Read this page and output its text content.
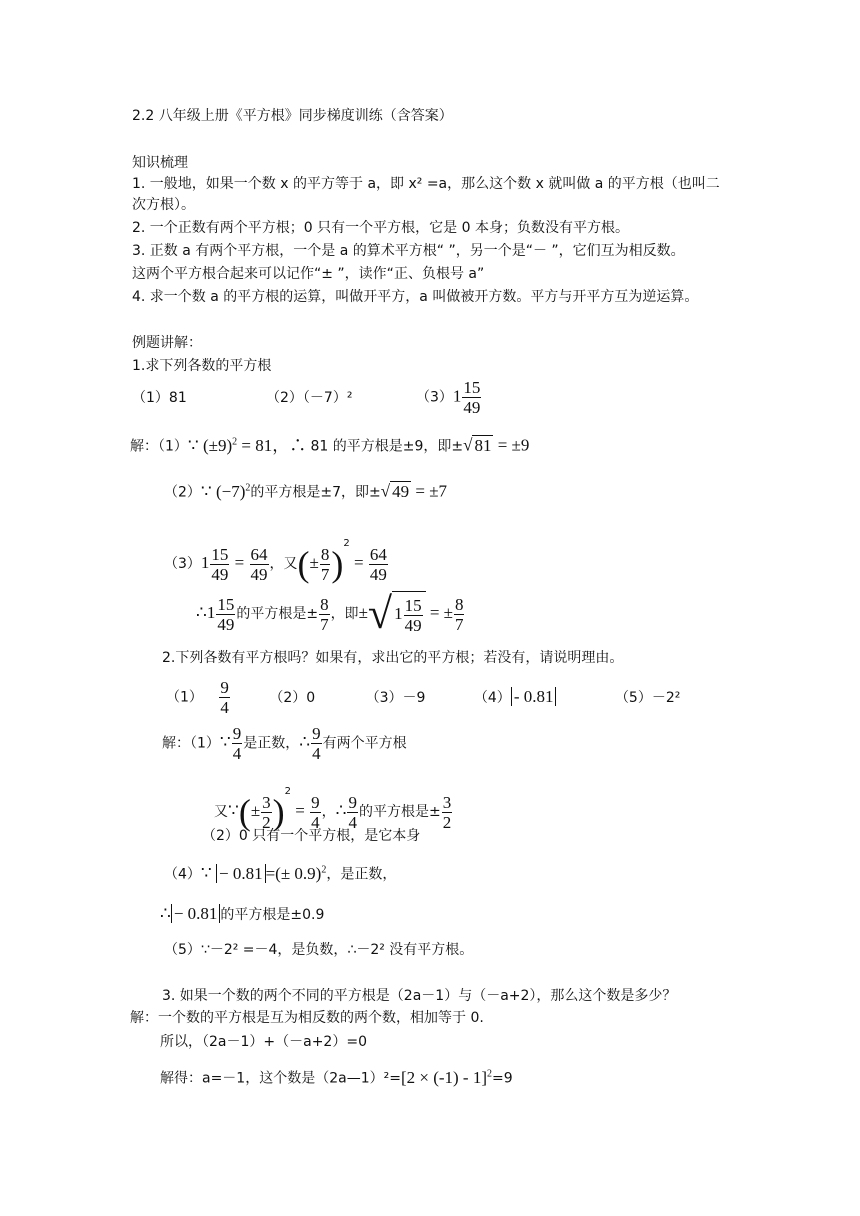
2.2 八年级上册《平方根》同步梯度训练（含答案）
知识梳理
1. 一般地，如果一个数 x 的平方等于 a，即 x² =a，那么这个数 x 就叫做 a 的平方根（也叫二
次方根）。
2. 一个正数有两个平方根；0 只有一个平方根，它是 0 本身；负数没有平方根。
3. 正数 a 有两个平方根，一个是 a 的算术平方根“ ”，另一个是“－ ”，它们互为相反数。
这两个平方根合起来可以记作“± ”，读作“正、负根号 a”
4. 求一个数 a 的平方根的运算，叫做开平方，a 叫做被开方数。平方与开平方互为逆运算。
例题讲解：
1.求下列各数的平方根
（1）81	（2）（－7）²	$(3)1 \frac{15}{49}$
解：（1）∵ $(\pm 9)^2 = 81$，∴ 81 的平方根是±9，即±√ 81 = ±9
（2）∵ $(-7)^2$的平方根是±7，即±√ 49 = ±7
$(3)1 \frac{15}{49} = \frac{64}{49}$ ，又(± $\frac{8}{7} )^2 = \frac{64}{49}$
∴1 $\frac{15}{49}$ 的平方根是± $\frac{8}{7}$ ，即±√ $1 \frac{15}{49}$ = ± $\frac{8}{7}$
2.下列各数有平方根吗？如果有，求出它的平方根；若没有，请说明理由。
$(1) \frac{9}{4}$	（2）0	（3）－9	（4） - 0.81	（5）－2²
解：（1）∵ $\frac{9}{4}$ 是正数，∴ $\frac{9}{4}$ 有两个平方根
又∵(± $\frac{3}{2} )^2 = \frac{9}{4}$ ，∴ $\frac{9}{4}$ 的平方根是± $\frac{3}{2}$
（2）0 只有一个平方根，是它本身
（4）∵ − 0.81 =(± 0.9)$^2$，是正数，
∴ − 0.81 的平方根是±0.9
（5）∵－2² =－4，是负数，∴－2² 没有平方根。
3. 如果一个数的两个不同的平方根是（2a－1）与（－a+2），那么这个数是多少？
解：一个数的平方根是互为相反数的两个数，相加等于 0.
所以，（2a－1）+（－a+2）=0
解得：a=－1，这个数是（2a—1）²=[2 × (-1) - 1]$^2$=9
